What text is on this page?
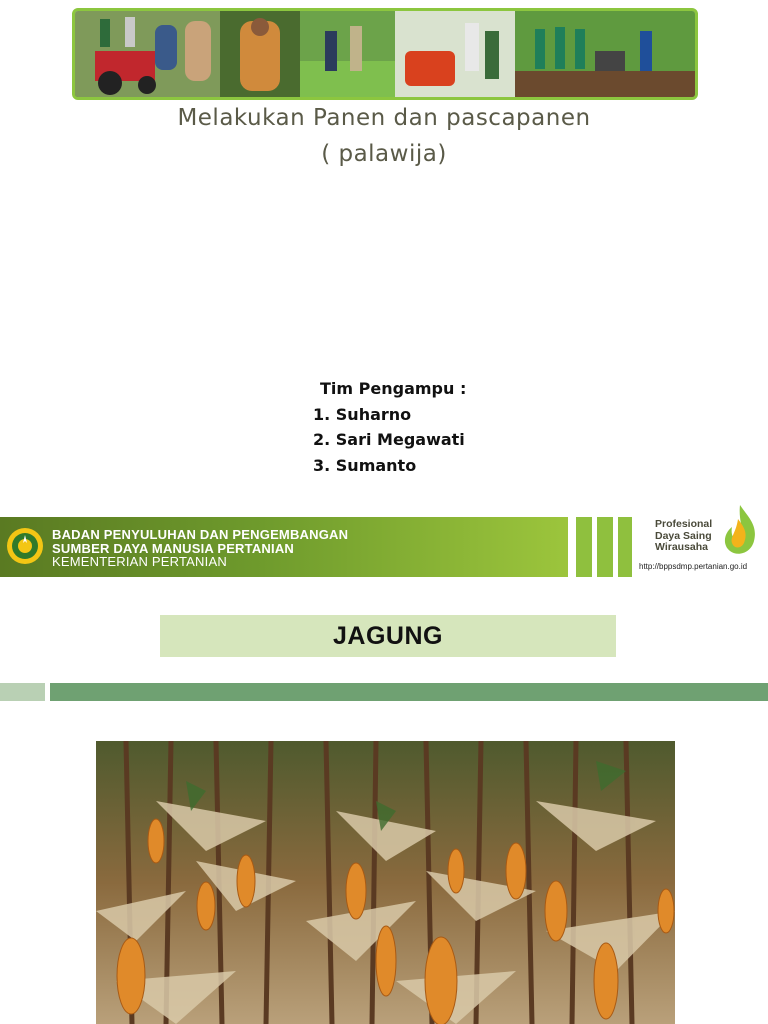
Melakukan Panen dan pascapanen
( palawija)
Tim Pengampu :
1. Suharno
2. Sari Megawati
3. Sumanto
BADAN PENYULUHAN DAN PENGEMBANGAN
SUMBER DAYA MANUSIA PERTANIAN
KEMENTERIAN PERTANIAN
Profesional
Daya Saing
Wirausaha
http://bppsdmp.pertanian.go.id
JAGUNG
